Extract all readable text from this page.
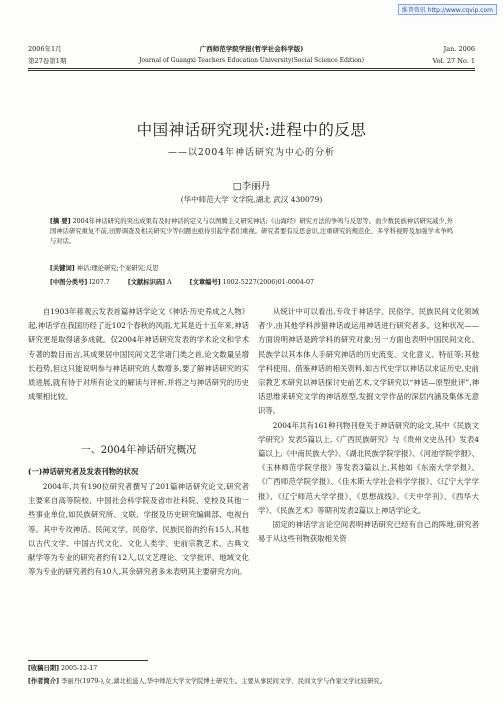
维普资讯 http://www.cqvip.com
2006年1月	广西师范学院学报(哲学社会科学版)	Jan. 2006
第27卷第1期	Journal of Guangxi Teachers Education University(Social Science Edition)	Vol. 27 No. 1
中国神话研究现状:进程中的反思
——以2004年神话研究为中心的分析
□李丽丹
(华中师范大学 文学院,湖北 武汉 430079)
[摘 要] 2004年神话研究的突出成果有及时神话的定义与以图腾主义研究神话;《山海经》研究方法的争鸣与反思等。而少数民族神话研究减少,外国神话研究重复不前,田野调查及相关研究少等问题也亟待引起学者们重视。研究者要有反思意识,注重研究的规范化、多学科视野及加强学术争鸣与对话。
[关键词] 神话;理论研究;个案研究;反思
[中图分类号] I207.7	[文献标识码] A	[文章编号] 1002-5227(2006)01-0004-07

自1903年蒋观云发表首篇神话学论文《神话·历史养成之人物》起,神话学在我国历经了近102个春秋的风雨,尤其是近十五年来,神话研究更是取得诸多成就。仅2004年神话研究发表的学术论文和学术专著的数目而言,其成果居中国民间文艺学诸门类之首,论文数量呈增长趋势,但这只能说明参与神话研究的人数增多,要了解神话研究的实质进展,就有待于对所有论文的解读与评析,并将之与神话研究的历史成果相比较。

一、2004年神话研究概况
(一)神话研究者及发表刊物的状况

2004年,共有190位研究者撰写了201篇神话研究论文,研究者主要来自高等院校、中国社会科学院及省市社科院、党校及其他一些事业单位,如民族研究所、文联、学报及历史研究编辑部、电视台等。其中专攻神话、民间文学、民俗学、民族民俗的约有15人,其他以古代文学、中国古代文化、文化人类学、史前宗教艺术、古典文献学等为专业的研究者约有12人,以文艺理论、文学批评、地域文化等为专业的研究者约有10人,其余研究者多未表明其主要研究方向。

从统计中可以看出,专攻于神话学、民俗学、民族民间文化领域者少,由其他学科涉猎神话或运用神话进行研究者多。这种状况——方面说明神话是跨学科的研究对象;另一方面也表明中国民间文化、民族学以其本体人手研究神话的历史流变、文化意义、特征等;其他学科使用、借鉴神话的相关资料,如古代史学以神话以求证历史,史前宗教艺术研究以神话探讨史前艺术,文学研究以“神话—原型批评”,神话思维来研究文学的神话原型,发掘文学作品的深层内涵及集体无意识等。

2004年共有161种刊物刊登关于神话研究的论文,其中《民族文学研究》发表5篇以上,《广西民族研究》与《贵州文史丛刊》发表4篇以上,《中南民族大学》、《湖北民族学院学报》、《河池学院学报》、《玉林师范学院学报》等发表3篇以上,其他如《东南大学学报》、《广西师范学院学报》、《佳木斯大学社会科学学报》、《辽宁大学学报》、《辽宁师范大学学报》、《思想战线》、《天中学刊》、《西华大学》、《民族艺术》等期刊发表2篇以上神话学论文。

固定的神话学言论空间表明神话研究已经有自己的阵地,研究者易于从这些刊物获取相关资

[收稿日期] 2005-12-17
[作者简介] 李丽丹(1979-),女,湖北松滋人,华中师范大学文学院博士研究生。主要从事民间文学、民间文学与作家文学比较研究。
